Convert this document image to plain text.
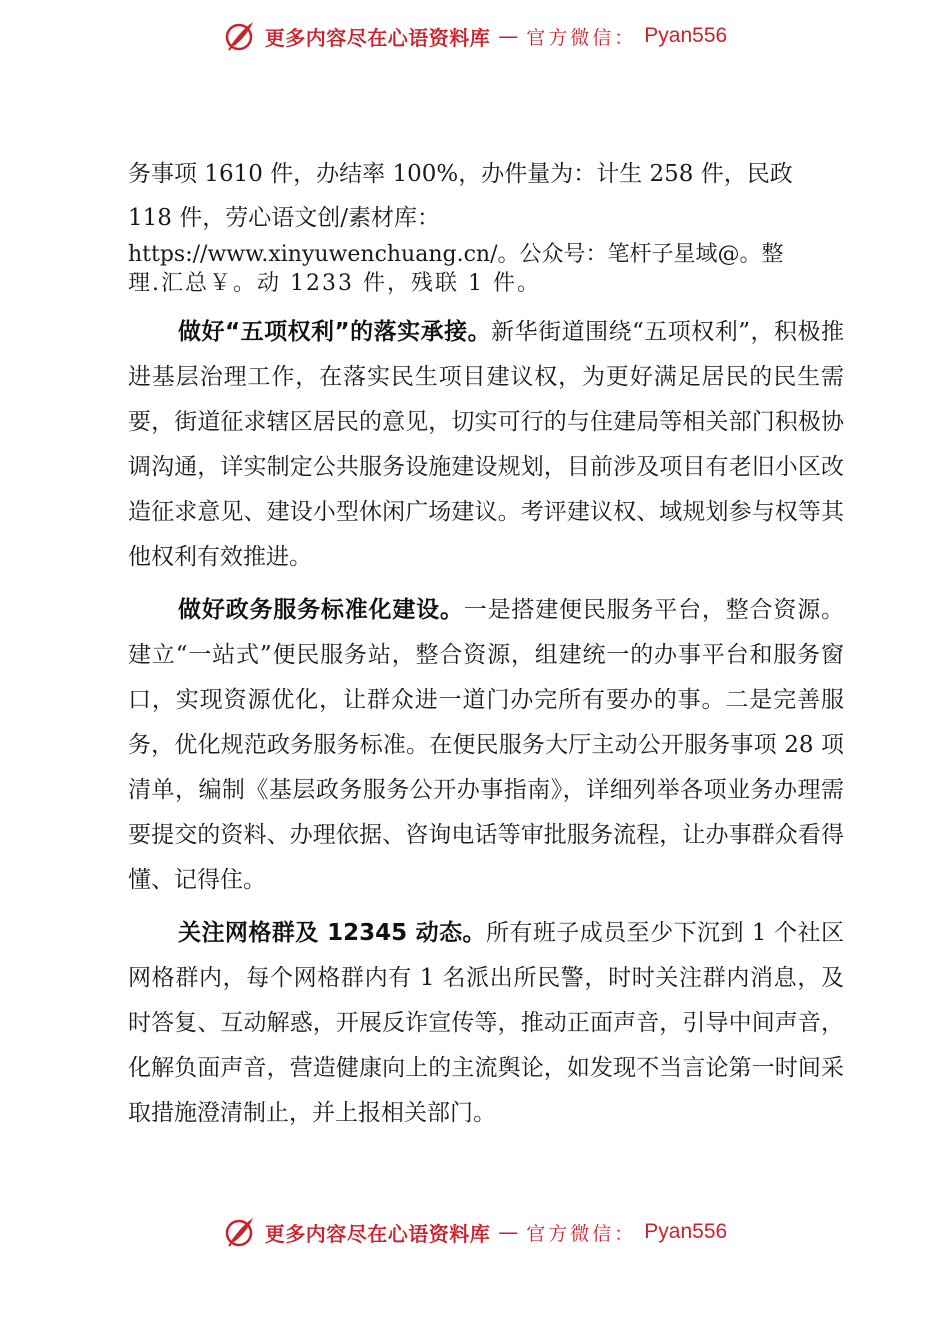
更多内容尽在心语资料库 — 官方微信： Pyan556

务事项 1610 件，办结率 100%，办件量为：计生 258 件，民政
118 件，劳心语文创/素材库：
https://www.xinyuwenchuang.cn/。公众号：笔杆子星域@。整
理.汇总￥。动 1233 件，残联 1 件。

做好“五项权利”的落实承接。新华街道围绕“五项权利”，积极推进基层治理工作，在落实民生项目建议权，为更好满足居民的民生需要，街道征求辖区居民的意见，切实可行的与住建局等相关部门积极协调沟通，详实制定公共服务设施建设规划，目前涉及项目有老旧小区改造征求意见、建设小型休闲广场建议。考评建议权、域规划参与权等其他权利有效推进。

做好政务服务标准化建设。一是搭建便民服务平台，整合资源。建立“一站式”便民服务站，整合资源，组建统一的办事平台和服务窗口，实现资源优化，让群众进一道门办完所有要办的事。二是完善服务，优化规范政务服务标准。在便民服务大厅主动公开服务事项 28 项清单，编制《基层政务服务公开办事指南》，详细列举各项业务办理需要提交的资料、办理依据、咨询电话等审批服务流程，让办事群众看得懂、记得住。

关注网格群及 12345 动态。所有班子成员至少下沉到 1 个社区网格群内，每个网格群内有 1 名派出所民警，时时关注群内消息，及时答复、互动解惑，开展反诈宣传等，推动正面声音，引导中间声音，化解负面声音，营造健康向上的主流舆论，如发现不当言论第一时间采取措施澄清制止，并上报相关部门。

更多内容尽在心语资料库 — 官方微信： Pyan556
